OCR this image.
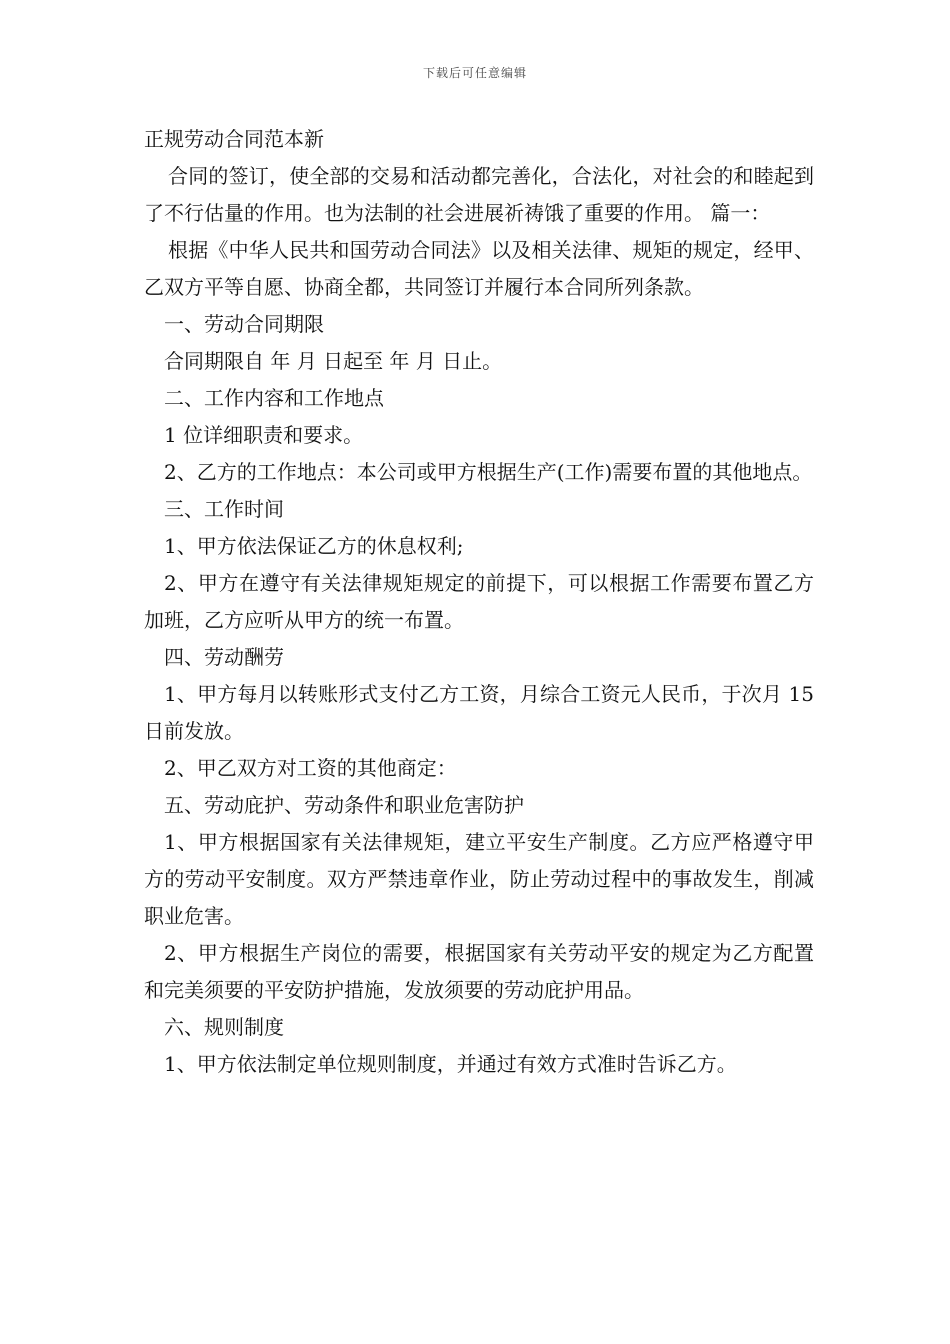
下载后可任意编辑

正规劳动合同范本新

合同的签订，使全部的交易和活动都完善化，合法化，对社会的和睦起到了不行估量的作用。也为法制的社会进展祈祷饿了重要的作用。 篇一：

根据《中华人民共和国劳动合同法》以及相关法律、规矩的规定，经甲、乙双方平等自愿、协商全都，共同签订并履行本合同所列条款。

一、劳动合同期限

合同期限自 年 月 日起至 年 月 日止。

二、工作内容和工作地点

1 位详细职责和要求。

2、乙方的工作地点：本公司或甲方根据生产(工作)需要布置的其他地点。

三、工作时间

1、甲方依法保证乙方的休息权利;

2、甲方在遵守有关法律规矩规定的前提下，可以根据工作需要布置乙方加班，乙方应听从甲方的统一布置。

四、劳动酬劳

1、甲方每月以转账形式支付乙方工资，月综合工资元人民币，于次月 15 日前发放。

2、甲乙双方对工资的其他商定：

五、劳动庇护、劳动条件和职业危害防护

1、甲方根据国家有关法律规矩，建立平安生产制度。乙方应严格遵守甲方的劳动平安制度。双方严禁违章作业，防止劳动过程中的事故发生，削减职业危害。

2、甲方根据生产岗位的需要，根据国家有关劳动平安的规定为乙方配置和完美须要的平安防护措施，发放须要的劳动庇护用品。

六、规则制度

1、甲方依法制定单位规则制度，并通过有效方式准时告诉乙方。
